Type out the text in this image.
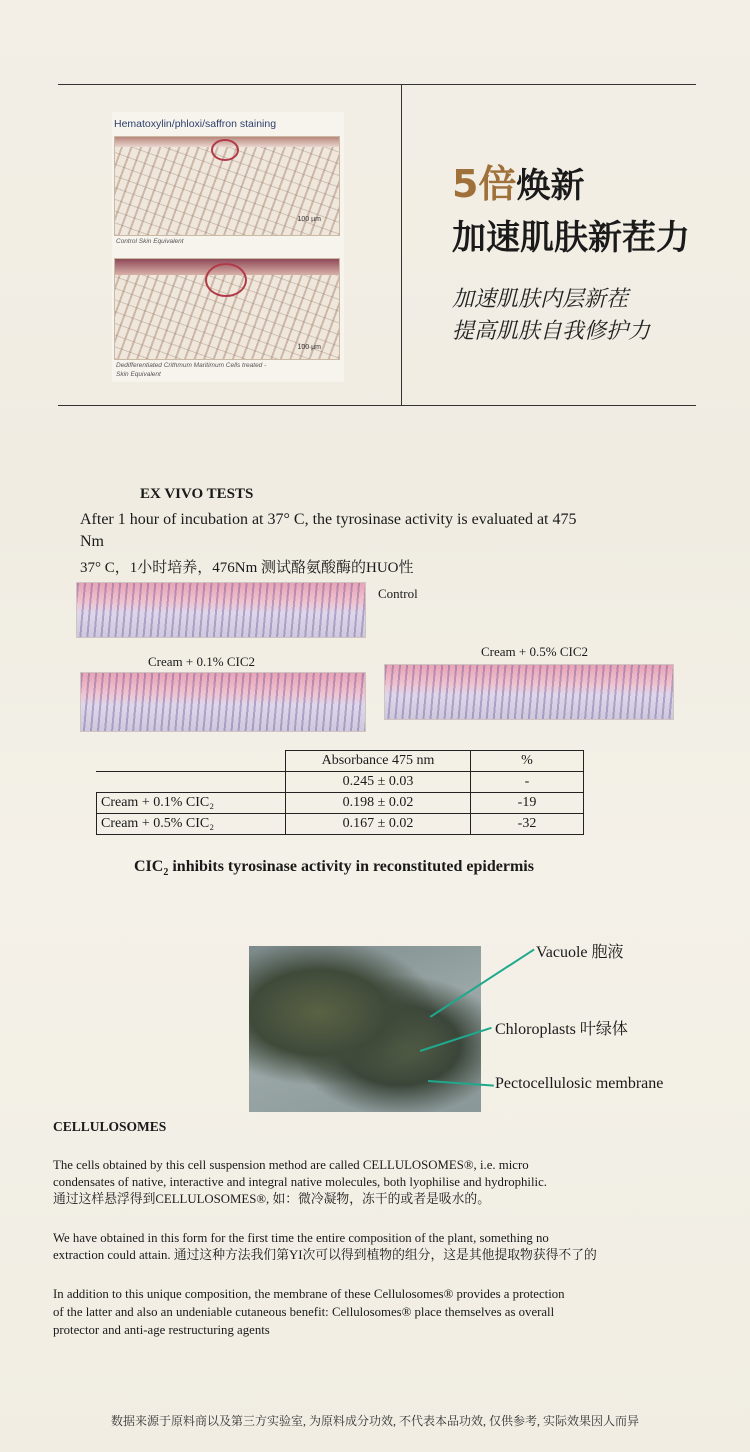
Hematoxylin/phloxi/saffron staining
100 µm
Control Skin Equivalent
100 µm
Dedifferentiated Crithmum Maritimum Cells treated -
Skin Equivalent
5倍焕新
加速肌肤新茬力
加速肌肤内层新茬
提高肌肤自我修护力
EX VIVO TESTS
After 1 hour of incubation at 37° C, the tyrosinase activity is evaluated at 475
Nm
37° C，1小时培养，476Nm 测试酪氨酸酶的HUO性
Control
Cream + 0.1% CIC2
Cream + 0.5% CIC2
	Absorbance 475 nm	%
	0.245 ± 0.03	-
Cream + 0.1% CIC₂	0.198 ± 0.02	-19
Cream + 0.5% CIC₂	0.167 ± 0.02	-32
$CIC_2$ inhibits tyrosinase activity in reconstituted epidermis
Vacuole 胞液
Chloroplasts 叶绿体
Pectocellulosic membrane
CELLULOSOMES
The cells obtained by this cell suspension method are called CELLULOSOMES®, i.e. micro
condensates of native, interactive and integral native molecules, both lyophilise and hydrophilic.
通过这样悬浮得到CELLULOSOMES®, 如：微冷凝物，冻干的或者是吸水的。
We have obtained in this form for the first time the entire composition of the plant, something no
extraction could attain. 通过这种方法我们第YI次可以得到植物的组分，这是其他提取物获得不了的
In addition to this unique composition, the membrane of these Cellulosomes® provides a protection
of the latter and also an undeniable cutaneous benefit: Cellulosomes® place themselves as overall
protector and anti-age restructuring agents
数据来源于原料商以及第三方实验室, 为原料成分功效, 不代表本品功效, 仅供参考, 实际效果因人而异
